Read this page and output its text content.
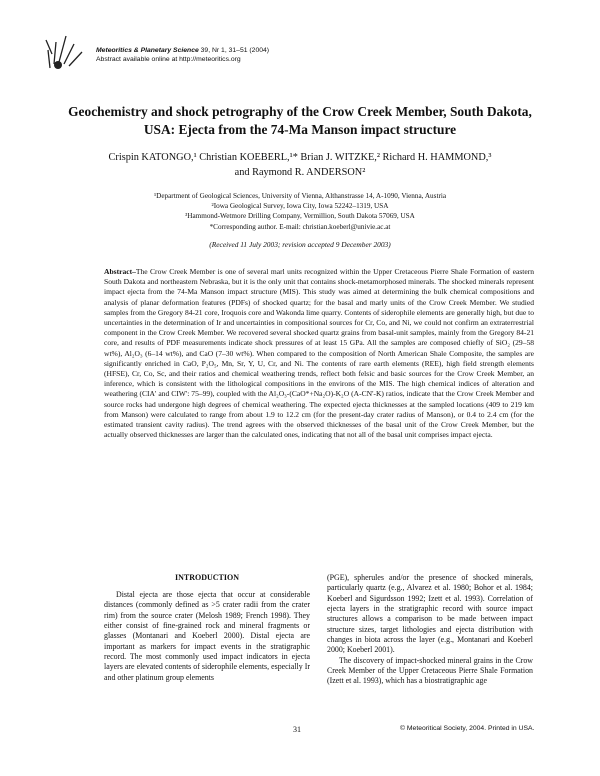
Meteoritics & Planetary Science 39, Nr 1, 31–51 (2004)
Abstract available online at http://meteoritics.org
Geochemistry and shock petrography of the Crow Creek Member, South Dakota,
USA: Ejecta from the 74-Ma Manson impact structure
Crispin KATONGO,¹ Christian KOEBERL,¹* Brian J. WITZKE,² Richard H. HAMMOND,³
and Raymond R. ANDERSON²
¹Department of Geological Sciences, University of Vienna, Althanstrasse 14, A-1090, Vienna, Austria
²Iowa Geological Survey, Iowa City, Iowa 52242–1319, USA
³Hammond-Wetmore Drilling Company, Vermillion, South Dakota 57069, USA
*Corresponding author. E-mail: christian.koeberl@univie.ac.at
(Received 11 July 2003; revision accepted 9 December 2003)
Abstract–The Crow Creek Member is one of several marl units recognized within the Upper Cretaceous Pierre Shale Formation of eastern South Dakota and northeastern Nebraska, but it is the only unit that contains shock-metamorphosed minerals. The shocked minerals represent impact ejecta from the 74-Ma Manson impact structure (MIS). This study was aimed at determining the bulk chemical compositions and analysis of planar deformation features (PDFs) of shocked quartz; for the basal and marly units of the Crow Creek Member. We studied samples from the Gregory 84-21 core, Iroquois core and Wakonda lime quarry. Contents of siderophile elements are generally high, but due to uncertainties in the determination of Ir and uncertainties in compositional sources for Cr, Co, and Ni, we could not confirm an extraterrestrial component in the Crow Creek Member. We recovered several shocked quartz grains from basal-unit samples, mainly from the Gregory 84-21 core, and results of PDF measurements indicate shock pressures of at least 15 GPa. All the samples are composed chiefly of SiO₂ (29–58 wt%), Al₂O₃ (6–14 wt%), and CaO (7–30 wt%). When compared to the composition of North American Shale Composite, the samples are significantly enriched in CaO, P₂O₅, Mn, Sr, Y, U, Cr, and Ni. The contents of rare earth elements (REE), high field strength elements (HFSE), Cr, Co, Sc, and their ratios and chemical weathering trends, reflect both felsic and basic sources for the Crow Creek Member, an inference, which is consistent with the lithological compositions in the environs of the MIS. The high chemical indices of alteration and weathering (CIA' and CIW': 75–99), coupled with the Al₂O₃-(CaO*+Na₂O)-K₂O (A-CN'-K) ratios, indicate that the Crow Creek Member and source rocks had undergone high degrees of chemical weathering. The expected ejecta thicknesses at the sampled locations (409 to 219 km from Manson) were calculated to range from about 1.9 to 12.2 cm (for the present-day crater radius of Manson), or 0.4 to 2.4 cm (for the estimated transient cavity radius). The trend agrees with the observed thicknesses of the basal unit of the Crow Creek Member, but the actually observed thicknesses are larger than the calculated ones, indicating that not all of the basal unit comprises impact ejecta.
INTRODUCTION

Distal ejecta are those ejecta that occur at considerable distances (commonly defined as >5 crater radii from the crater rim) from the source crater (Melosh 1989; French 1998). They either consist of fine-grained rock and mineral fragments or glasses (Montanari and Koeberl 2000). Distal ejecta are important as markers for impact events in the stratigraphic record. The most commonly used impact indicators in ejecta layers are elevated contents of siderophile elements, especially Ir and other platinum group elements

(PGE), spherules and/or the presence of shocked minerals, particularly quartz (e.g., Alvarez et al. 1980; Bohor et al. 1984; Koeberl and Sigurdsson 1992; Izett et al. 1993). Correlation of ejecta layers in the stratigraphic record with source impact structures allows a comparison to be made between impact structure sizes, target lithologies and ejecta distribution with changes in biota across the layer (e.g., Montanari and Koeberl 2000; Koeberl 2001).

The discovery of impact-shocked mineral grains in the Crow Creek Member of the Upper Cretaceous Pierre Shale Formation (Izett et al. 1993), which has a biostratigraphic age

31	© Meteoritical Society, 2004. Printed in USA.
